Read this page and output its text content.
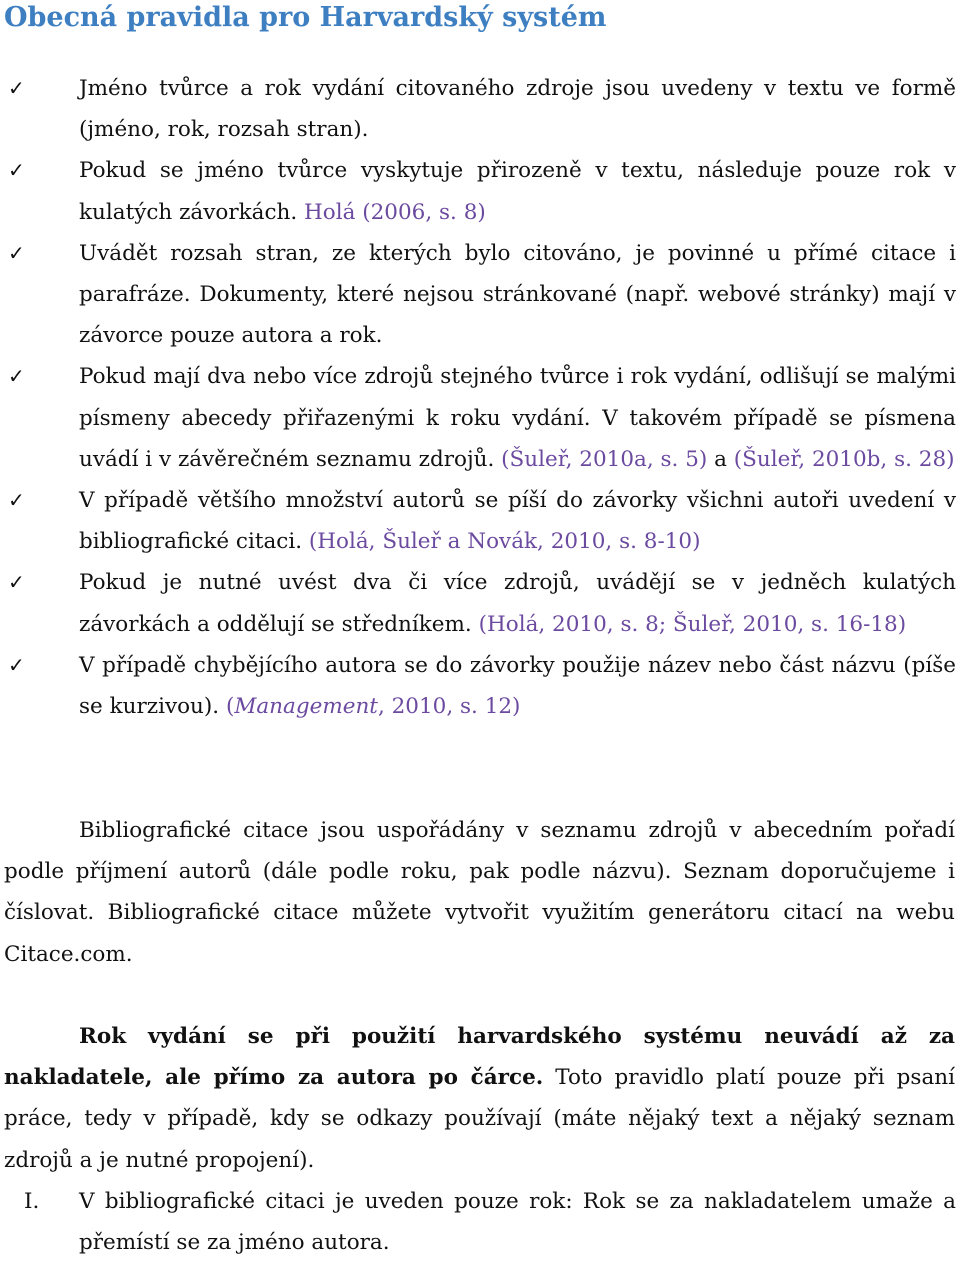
Obecná pravidla pro Harvardský systém
✓	Jméno tvůrce a rok vydání citovaného zdroje jsou uvedeny v textu ve formě (jméno, rok, rozsah stran).
✓	Pokud se jméno tvůrce vyskytuje přirozeně v textu, následuje pouze rok v kulatých závorkách. Holá (2006, s. 8)
✓	Uvádět rozsah stran, ze kterých bylo citováno, je povinné u přímé citace i parafráze. Dokumenty, které nejsou stránkované (např. webové stránky) mají v závorce pouze autora a rok.
✓	Pokud mají dva nebo více zdrojů stejného tvůrce i rok vydání, odlišují se malými písmeny abecedy přiřazenými k roku vydání. V takovém případě se písmena uvádí i v závěrečném seznamu zdrojů. (Šuleř, 2010a, s. 5) a (Šuleř, 2010b, s. 28)
✓	V případě většího množství autorů se píší do závorky všichni autoři uvedení v bibliografické citaci. (Holá, Šuleř a Novák, 2010, s. 8-10)
✓	Pokud je nutné uvést dva či více zdrojů, uvádějí se v jedněch kulatých závorkách a oddělují se středníkem. (Holá, 2010, s. 8; Šuleř, 2010, s. 16-18)
✓	V případě chybějícího autora se do závorky použije název nebo část názvu (píše se kurzivou). (Management, 2010, s. 12)

Bibliografické citace jsou uspořádány v seznamu zdrojů v abecedním pořadí podle příjmení autorů (dále podle roku, pak podle názvu). Seznam doporučujeme i číslovat. Bibliografické citace můžete vytvořit využitím generátoru citací na webu Citace.com.

Rok vydání se při použití harvardského systému neuvádí až za nakladatele, ale přímo za autora po čárce. Toto pravidlo platí pouze při psaní práce, tedy v případě, kdy se odkazy používají (máte nějaký text a nějaký seznam zdrojů a je nutné propojení).

I. V bibliografické citaci je uveden pouze rok: Rok se za nakladatelem umaže a přemístí se za jméno autora.
